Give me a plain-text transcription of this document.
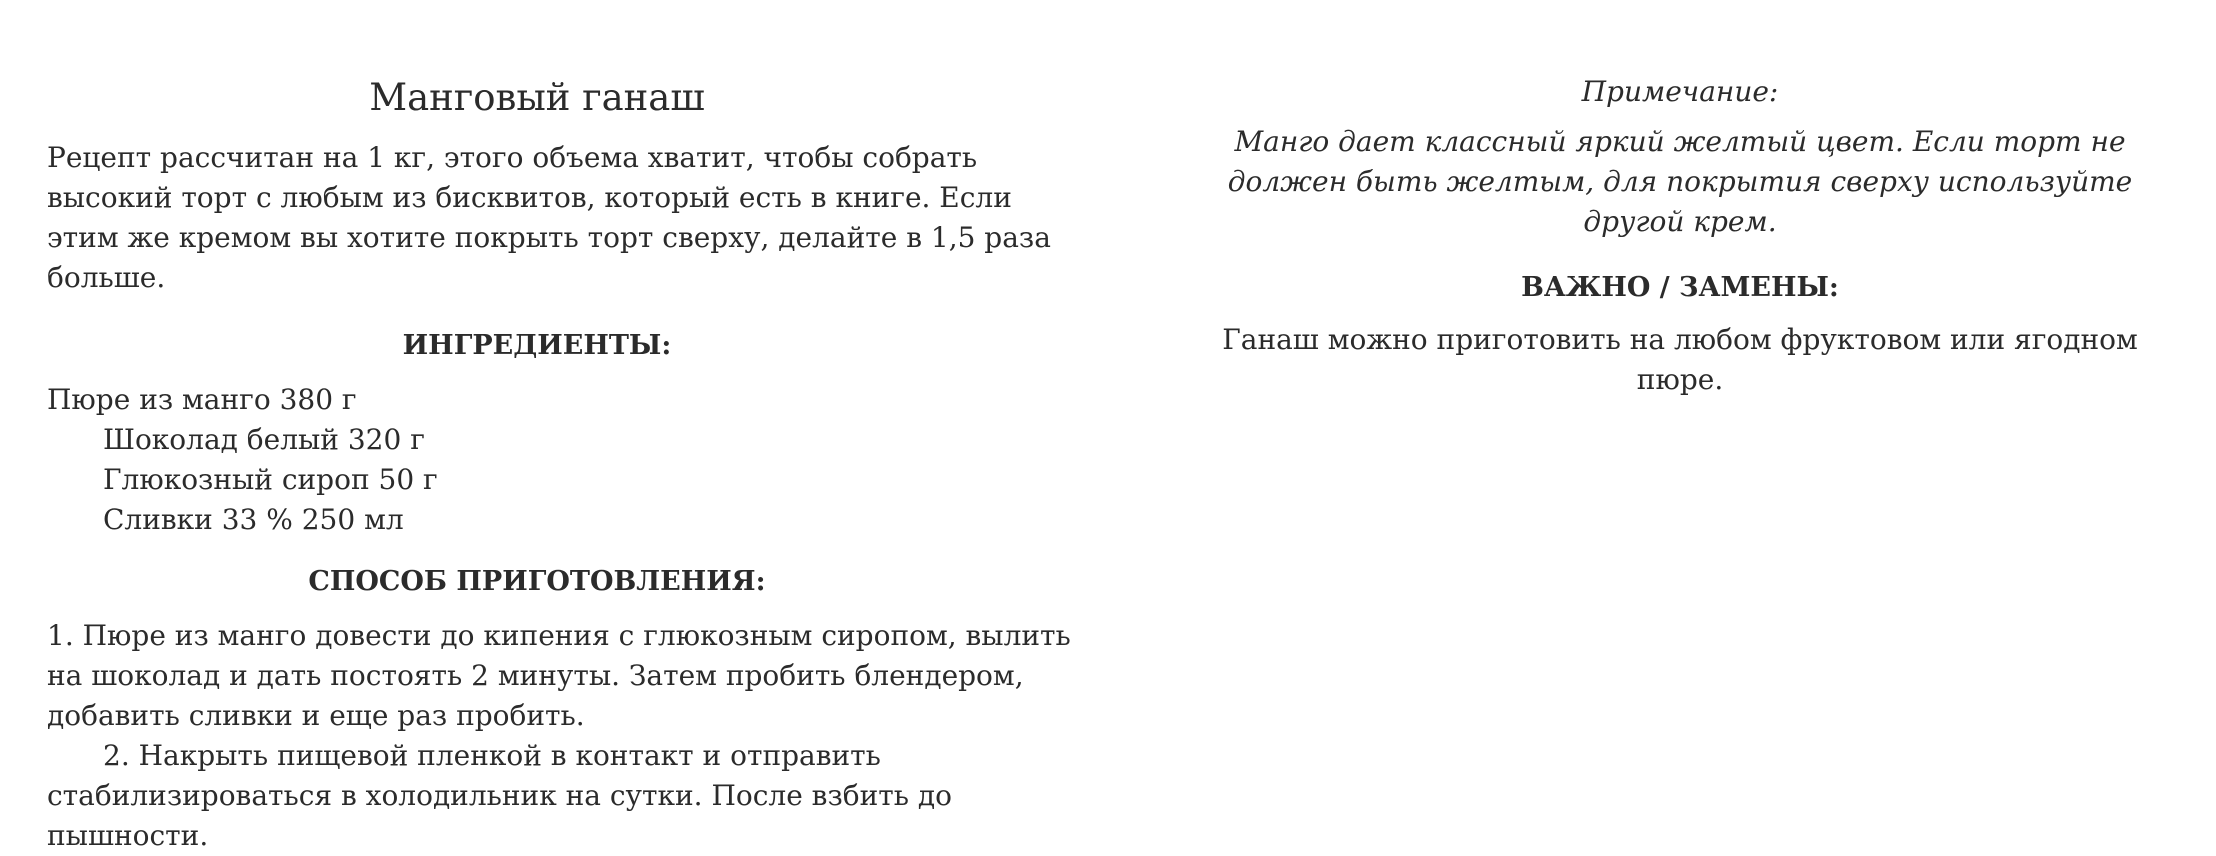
Манговый ганаш

Рецепт рассчитан на 1 кг, этого объема хватит, чтобы собрать высокий торт с любым из бисквитов, который есть в книге. Если этим же кремом вы хотите покрыть торт сверху, делайте в 1,5 раза больше.

ИНГРЕДИЕНТЫ:
Пюре из манго 380 г
Шоколад белый 320 г
Глюкозный сироп 50 г
Сливки 33 % 250 мл
СПОСОБ ПРИГОТОВЛЕНИЯ:

1. Пюре из манго довести до кипения с глюкозным сиропом, вылить на шоколад и дать постоять 2 минуты. Затем пробить блендером, добавить сливки и еще раз пробить.

2. Накрыть пищевой пленкой в контакт и отправить стабилизироваться в холодильник на сутки. После взбить до пышности.

Примечание:

Манго дает классный яркий желтый цвет. Если торт не должен быть желтым, для покрытия сверху используйте другой крем.

ВАЖНО / ЗАМЕНЫ:

Ганаш можно приготовить на любом фруктовом или ягодном пюре.
